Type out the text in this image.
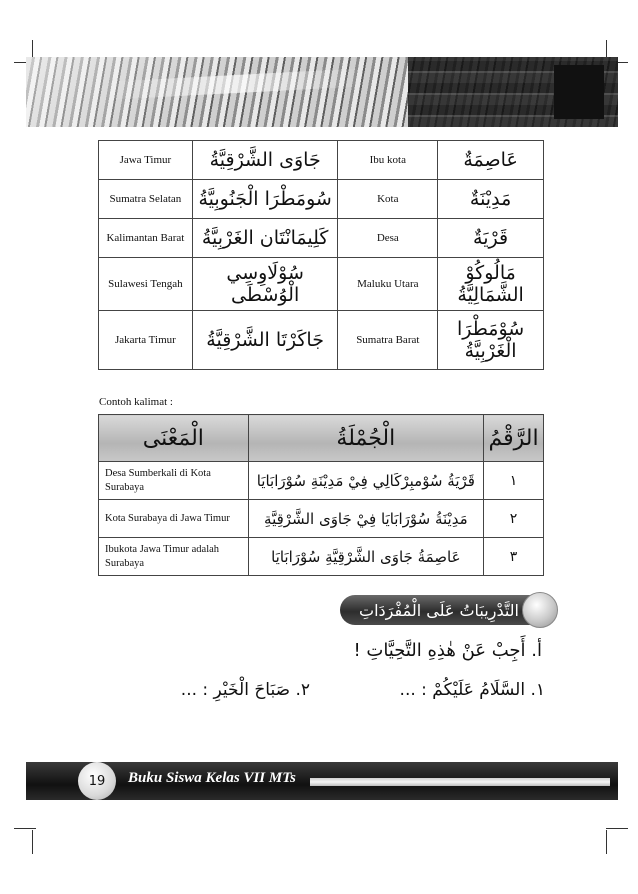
Jawa Timur	جَاوَى الشَّرْقِيَّةُ	Ibu kota	عَاصِمَةٌ
Sumatra Selatan	سُومَطْرَا الْجَنُوبِيَّةُ	Kota	مَدِيْنَةٌ
Kalimantan Barat	كَلِيمَانْتَان الغَرْبِيَّةُ	Desa	قَرْيَةٌ
Sulawesi Tengah	سُوْلَاوِسِي الْوُسْطَى	Maluku Utara	مَالُوكُوْ الشَّمَالِيَّةُ
Jakarta Timur	جَاكَرْتَا الشَّرْقِيَّةُ	Sumatra Barat	سُوْمَطْرَا الْغَرْبِيَّةُ
Contoh kalimat :
الْمَعْنَى	الْجُمْلَةُ	الرَّقْمُ
Desa Sumberkali di Kota Surabaya	قَرْيَةُ سُوْمبِرْكَالِي فِيْ مَدِيْنَةِ سُوْرَابَايَا	١
Kota Surabaya di Jawa Timur	مَدِيْنَةُ سُوْرَابَايَا فِيْ جَاوَى الشَّرْقِيَّةِ	٢
Ibukota Jawa Timur adalah Surabaya	عَاصِمَةُ جَاوَى الشَّرْقِيَّةِ سُوْرَابَايَا	٣
التَّدْرِيبَاتُ عَلَى الْمُفْرَدَاتِ
أ. أَجِبْ عَنْ هٰذِهِ التَّحِيَّاتِ !
١. السَّلَامُ عَلَيْكُمْ : ...
٢. صَبَاحَ الْخَيْرِ : ...
19	Buku Siswa Kelas VII MTs
